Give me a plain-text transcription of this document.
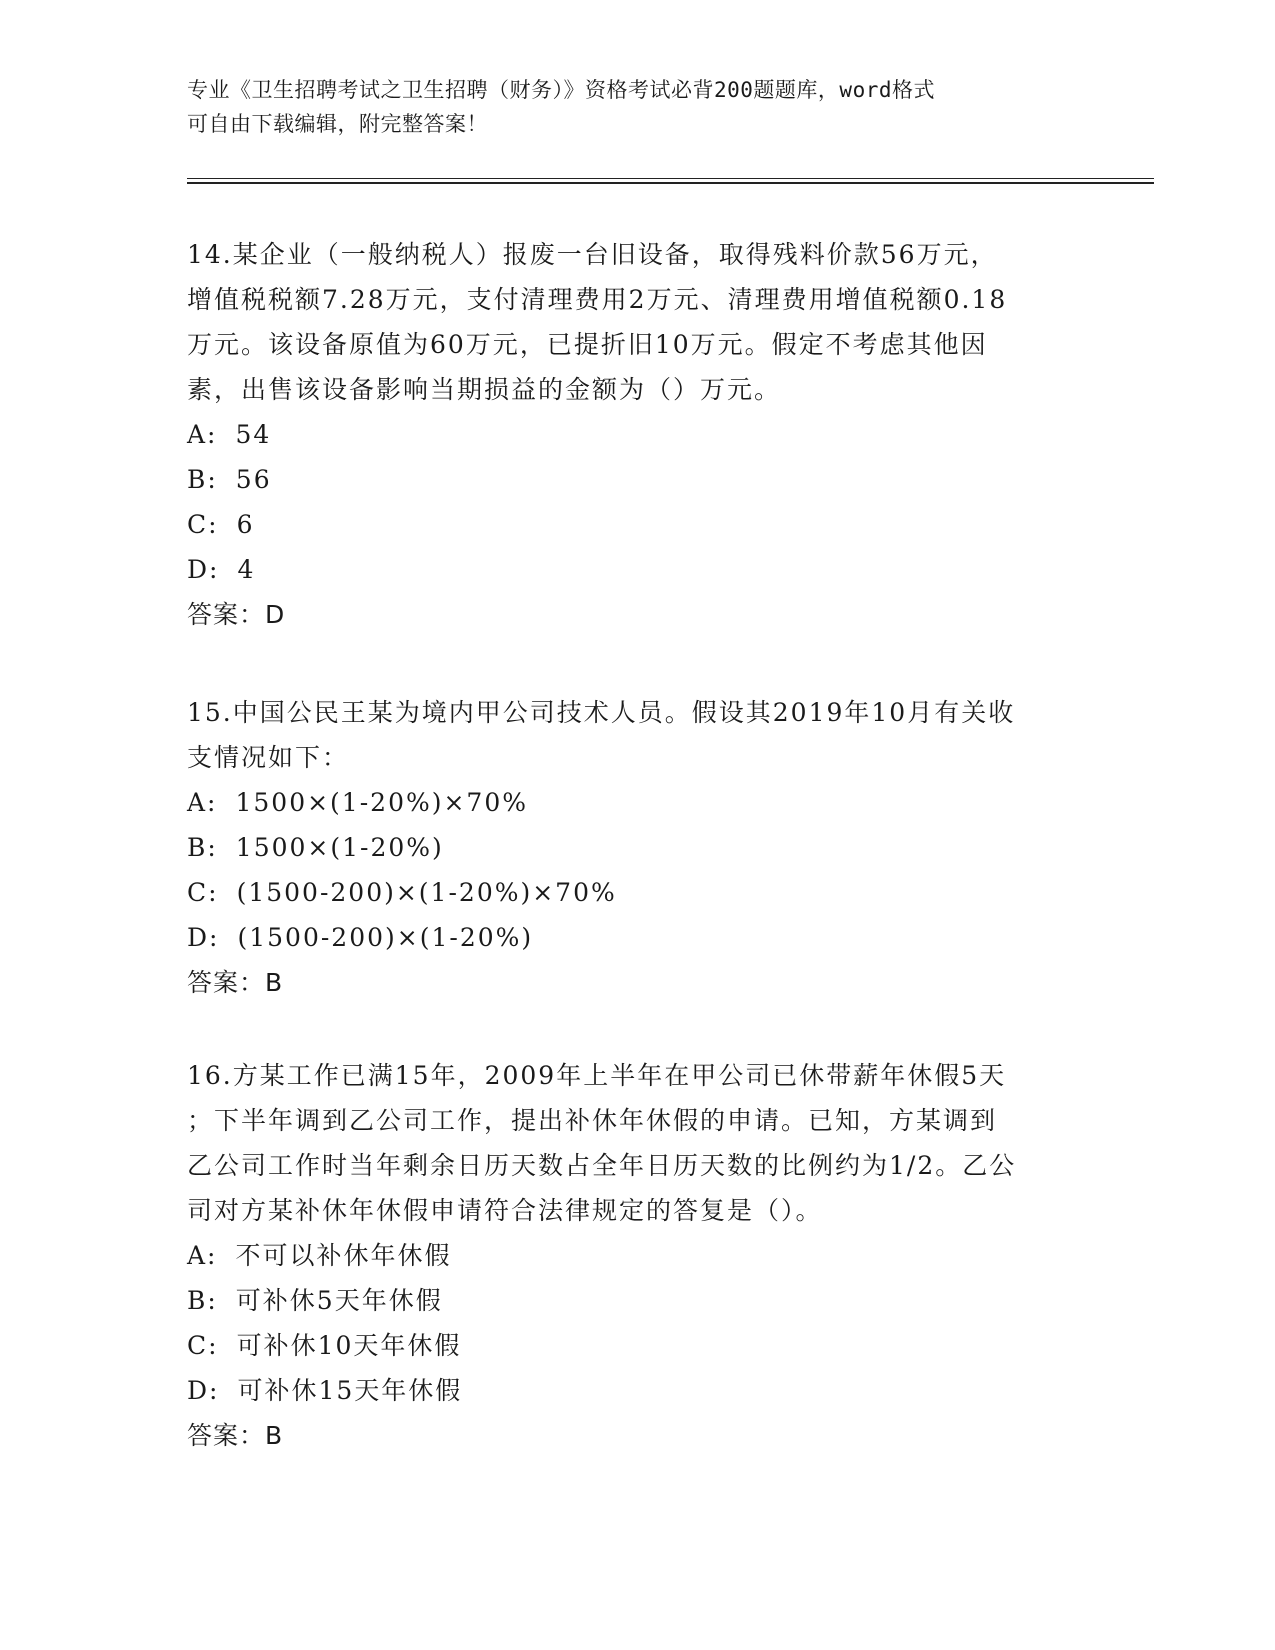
专业《卫生招聘考试之卫生招聘（财务）》资格考试必背200题题库，word格式
可自由下载编辑，附完整答案！
14.某企业（一般纳税人）报废一台旧设备，取得残料价款56万元，
增值税税额7.28万元，支付清理费用2万元、清理费用增值税额0.18
万元。该设备原值为60万元，已提折旧10万元。假定不考虑其他因
素，出售该设备影响当期损益的金额为（）万元。
A: 54
B: 56
C: 6
D: 4
答案：D
15.中国公民王某为境内甲公司技术人员。假设其2019年10月有关收
支情况如下：
A: 1500×(1-20%)×70%
B: 1500×(1-20%)
C: (1500-200)×(1-20%)×70%
D: (1500-200)×(1-20%)
答案：B
16.方某工作已满15年，2009年上半年在甲公司已休带薪年休假5天
；下半年调到乙公司工作，提出补休年休假的申请。已知，方某调到
乙公司工作时当年剩余日历天数占全年日历天数的比例约为1/2。乙公
司对方某补休年休假申请符合法律规定的答复是（）。
A: 不可以补休年休假
B: 可补休5天年休假
C: 可补休10天年休假
D: 可补休15天年休假
答案：B
